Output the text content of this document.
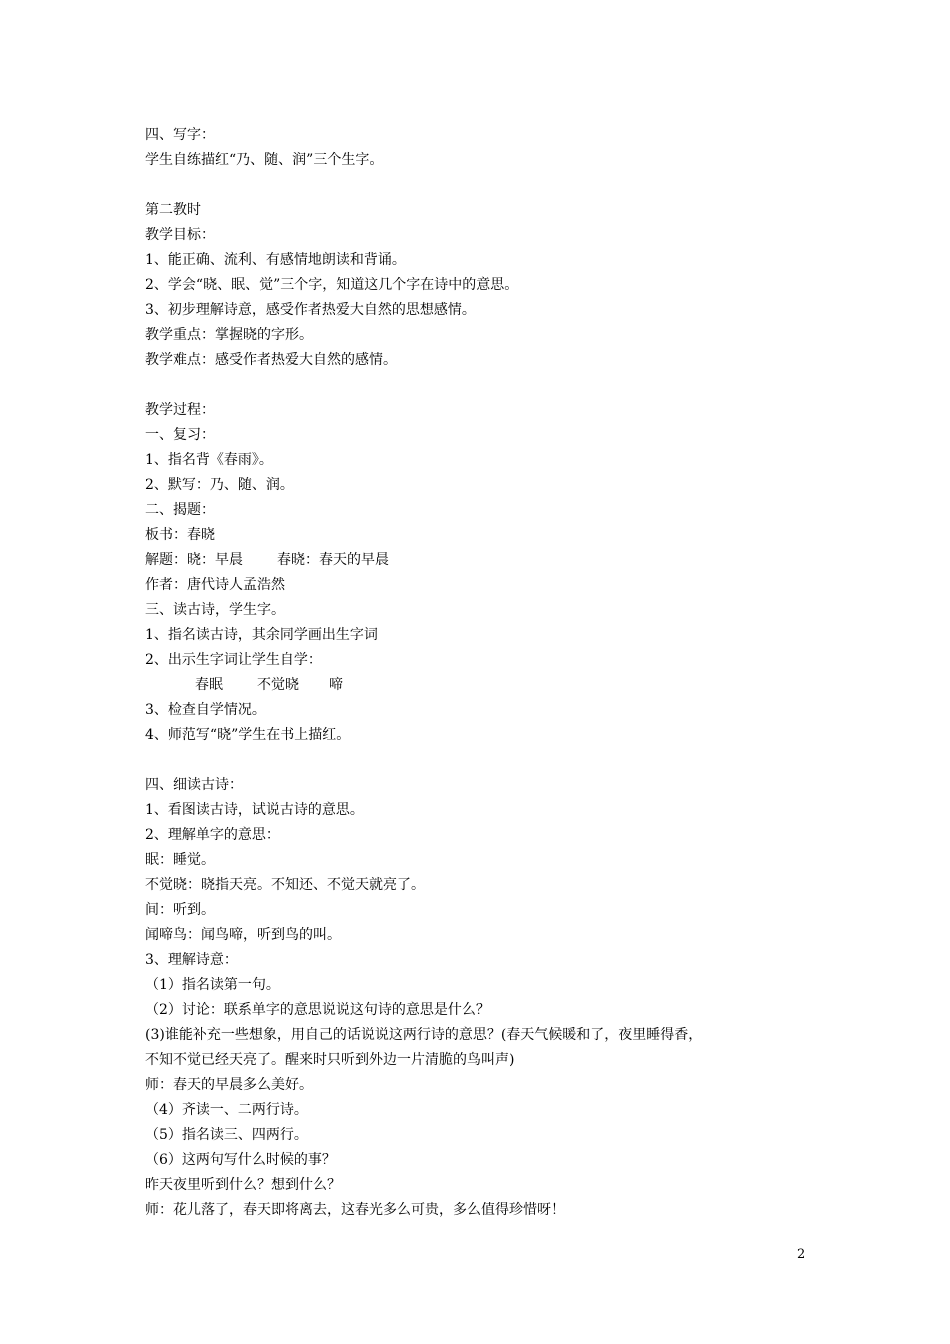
四、写字：
学生自练描红“乃、随、润”三个生字。
第二教时
教学目标：
1、能正确、流利、有感情地朗读和背诵。
2、学会“晓、眠、觉”三个字，知道这几个字在诗中的意思。
3、初步理解诗意，感受作者热爱大自然的思想感情。
教学重点：掌握晓的字形。
教学难点：感受作者热爱大自然的感情。
教学过程：
一、复习：
1、指名背《春雨》。
2、默写：乃、随、润。
二、揭题：
板书：春晓
解题：晓：早晨 春晓：春天的早晨
作者：唐代诗人孟浩然
三、读古诗，学生字。
1、指名读古诗，其余同学画出生字词
2、出示生字词让学生自学：
春眠 不觉晓 啼
3、检查自学情况。
4、师范写“晓”学生在书上描红。
四、细读古诗：
1、看图读古诗，试说古诗的意思。
2、理解单字的意思：
眠：睡觉。
不觉晓：晓指天亮。不知还、不觉天就亮了。
间：听到。
闻啼鸟：闻鸟啼，听到鸟的叫。
3、理解诗意：
（1）指名读第一句。
（2）讨论：联系单字的意思说说这句诗的意思是什么？
(3)谁能补充一些想象，用自己的话说说这两行诗的意思？(春天气候暖和了，夜里睡得香，
不知不觉已经天亮了。醒来时只听到外边一片清脆的鸟叫声)
师：春天的早晨多么美好。
（4）齐读一、二两行诗。
（5）指名读三、四两行。
（6）这两句写什么时候的事？
昨天夜里听到什么？想到什么？
师：花儿落了，春天即将离去，这春光多么可贵，多么值得珍惜呀！
2
